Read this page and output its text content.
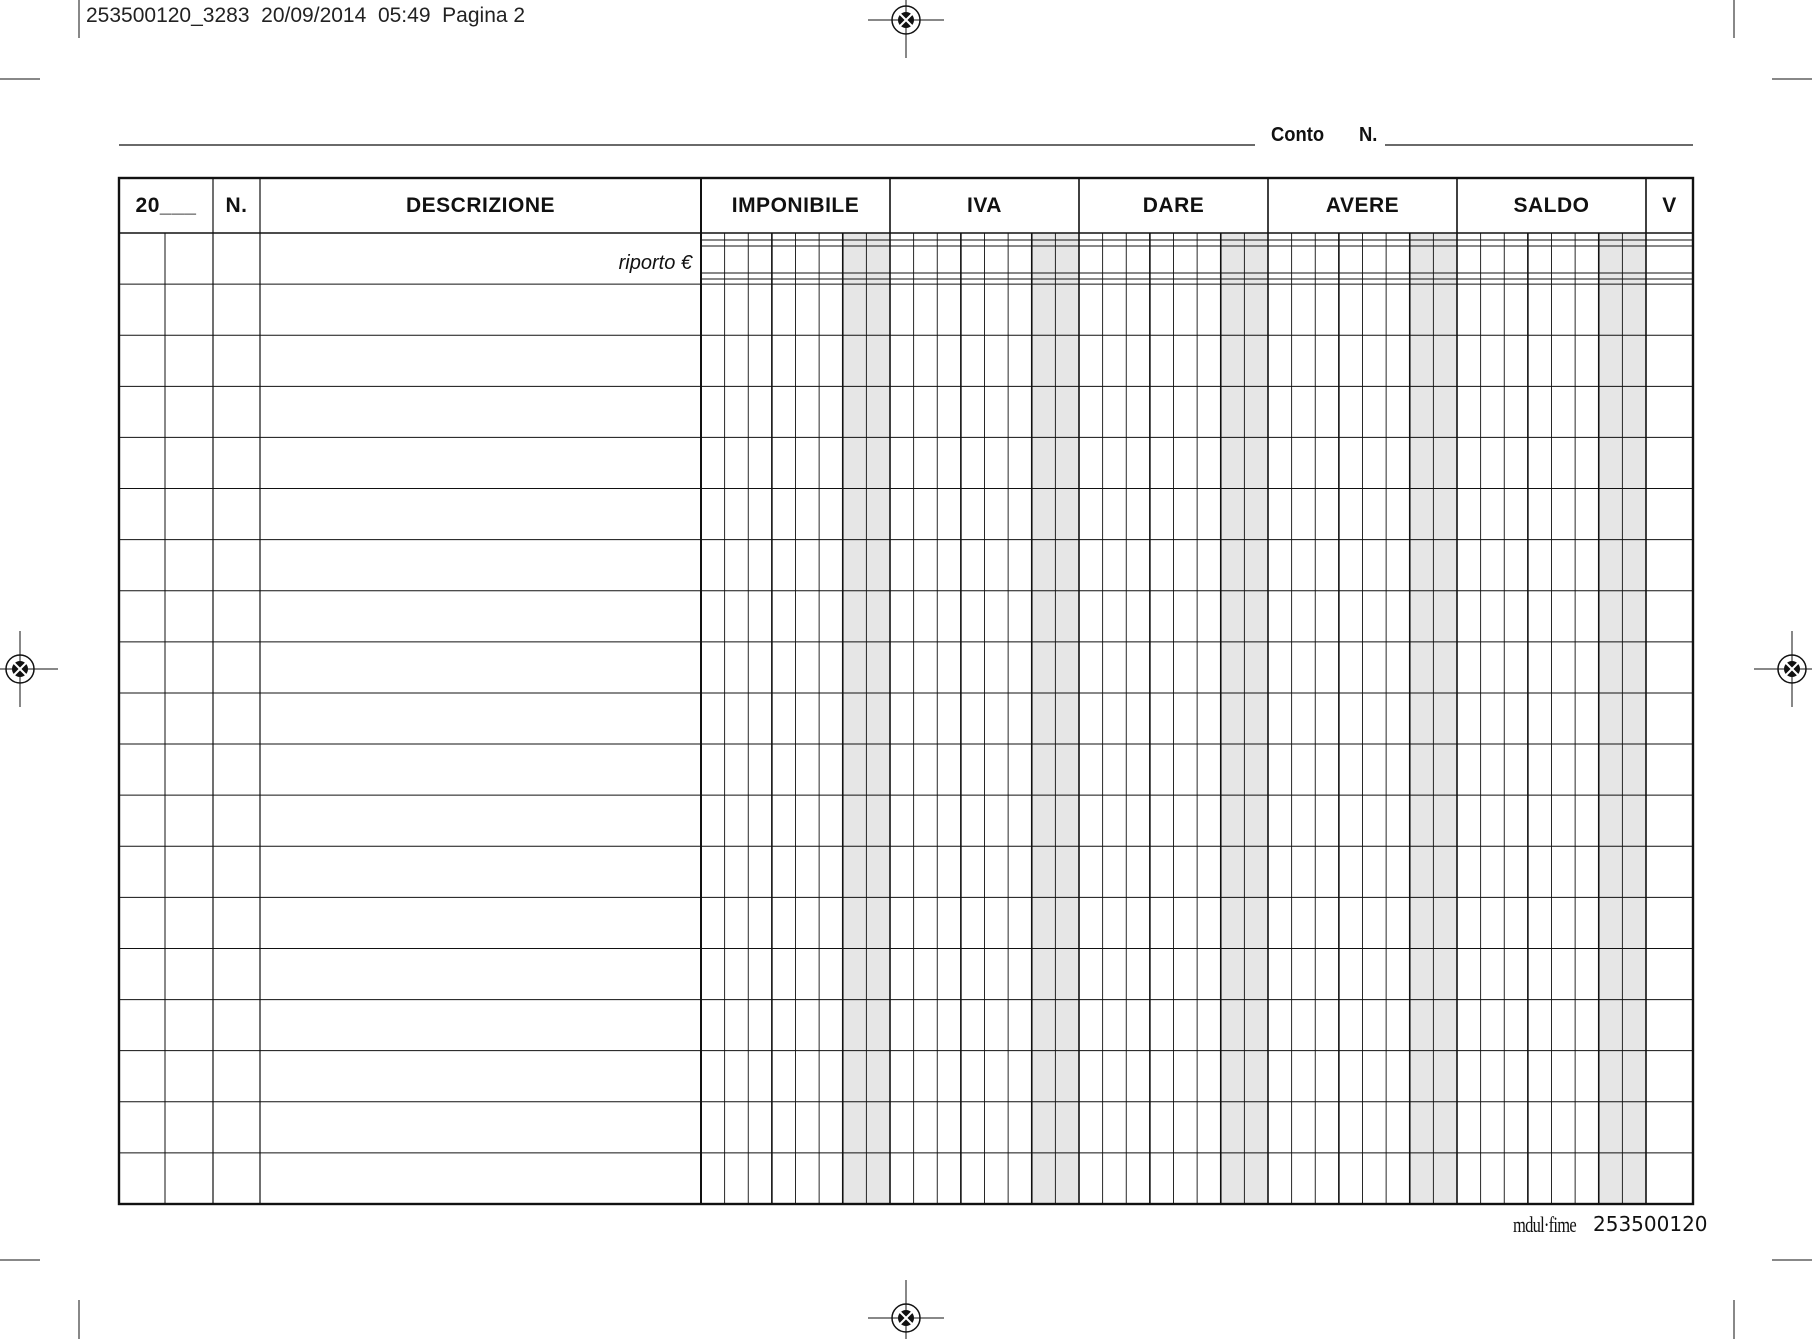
253500120_3283  20/09/2014  05:49  Pagina 2
Conto N.
20___	N.	DESCRIZIONE	IMPONIBILE	IVA	DARE	AVERE	SALDO	V
riporto €
mdul·fime 253500120
